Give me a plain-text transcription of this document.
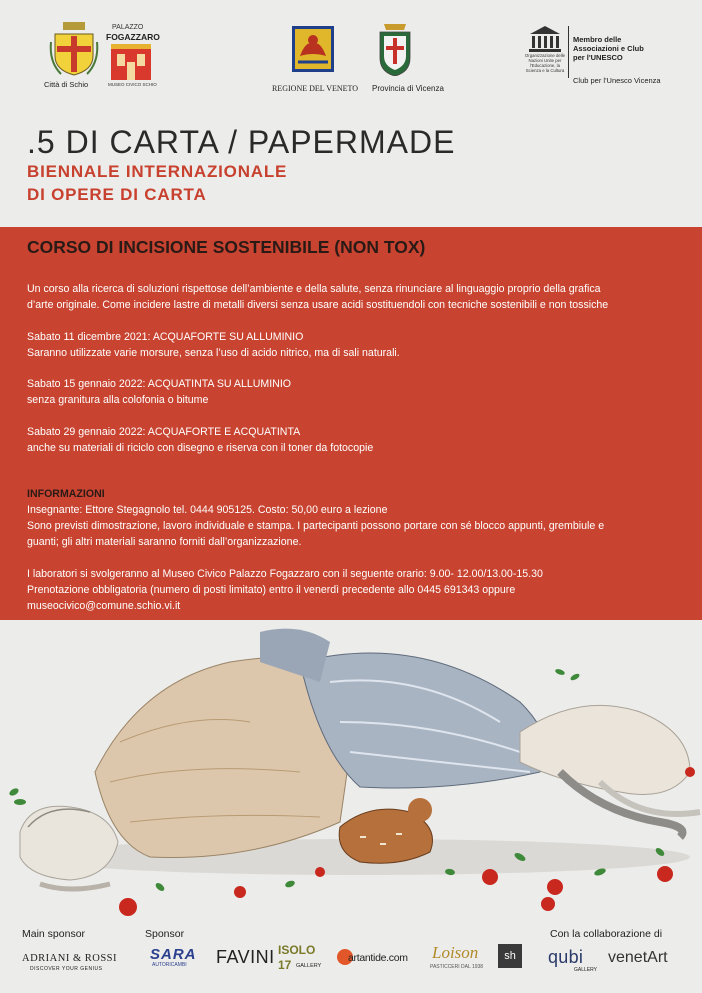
Città di Schio
PALAZZO
FOGAZZARO
MUSEO CIVICO SCHIO	REGIONE DEL VENETO Provincia di Vicenza
Organizzazione delle Nazioni Unite per l'Educazione, la Scienza e la Cultura
Membro delle Associazioni e Club per l'UNESCO
Club per l'Unesco Vicenza
.5 DI CARTA / PAPERMADE
BIENNALE INTERNAZIONALE
DI OPERE DI CARTA
CORSO DI INCISIONE SOSTENIBILE (NON TOX)
Un corso alla ricerca di soluzioni rispettose dell’ambiente e della salute, senza rinunciare al linguaggio proprio della grafica
d’arte originale. Come incidere lastre di metalli diversi senza usare acidi sostituendoli con tecniche sostenibili e non tossiche
Sabato 11 dicembre 2021: ACQUAFORTE SU ALLUMINIO
Saranno utilizzate varie morsure, senza l’uso di acido nitrico, ma di sali naturali.
Sabato 15 gennaio 2022: ACQUATINTA SU ALLUMINIO
senza granitura alla colofonia o bitume
Sabato 29 gennaio 2022: ACQUAFORTE E ACQUATINTA
anche su materiali di riciclo con disegno e riserva con il toner da fotocopie
INFORMAZIONI
Insegnante: Ettore Stegagnolo tel. 0444 905125. Costo: 50,00 euro a lezione
Sono previsti dimostrazione, lavoro individuale e stampa. I partecipanti possono portare con sé blocco appunti, grembiule e
guanti; gli altri materiali saranno forniti dall’organizzazione.
I laboratori si svolgeranno al Museo Civico Palazzo Fogazzaro con il seguente orario: 9.00- 12.00/13.00-15.30
Prenotazione obbligatoria (numero di posti limitato) entro il venerdì precedente allo 0445 691343 oppure
museocivico@comune.schio.vi.it
Main sponsor	Sponsor	Con la collaborazione di
ADRIANI & ROSSI
DISCOVER YOUR GENIUS
SARA
AUTORICAMBI FAVINI ISOLO
17 GALLERY
artantide.com Loison
PASTICCERI DAL 1938
sh	qubi
GALLERY
venetArt
